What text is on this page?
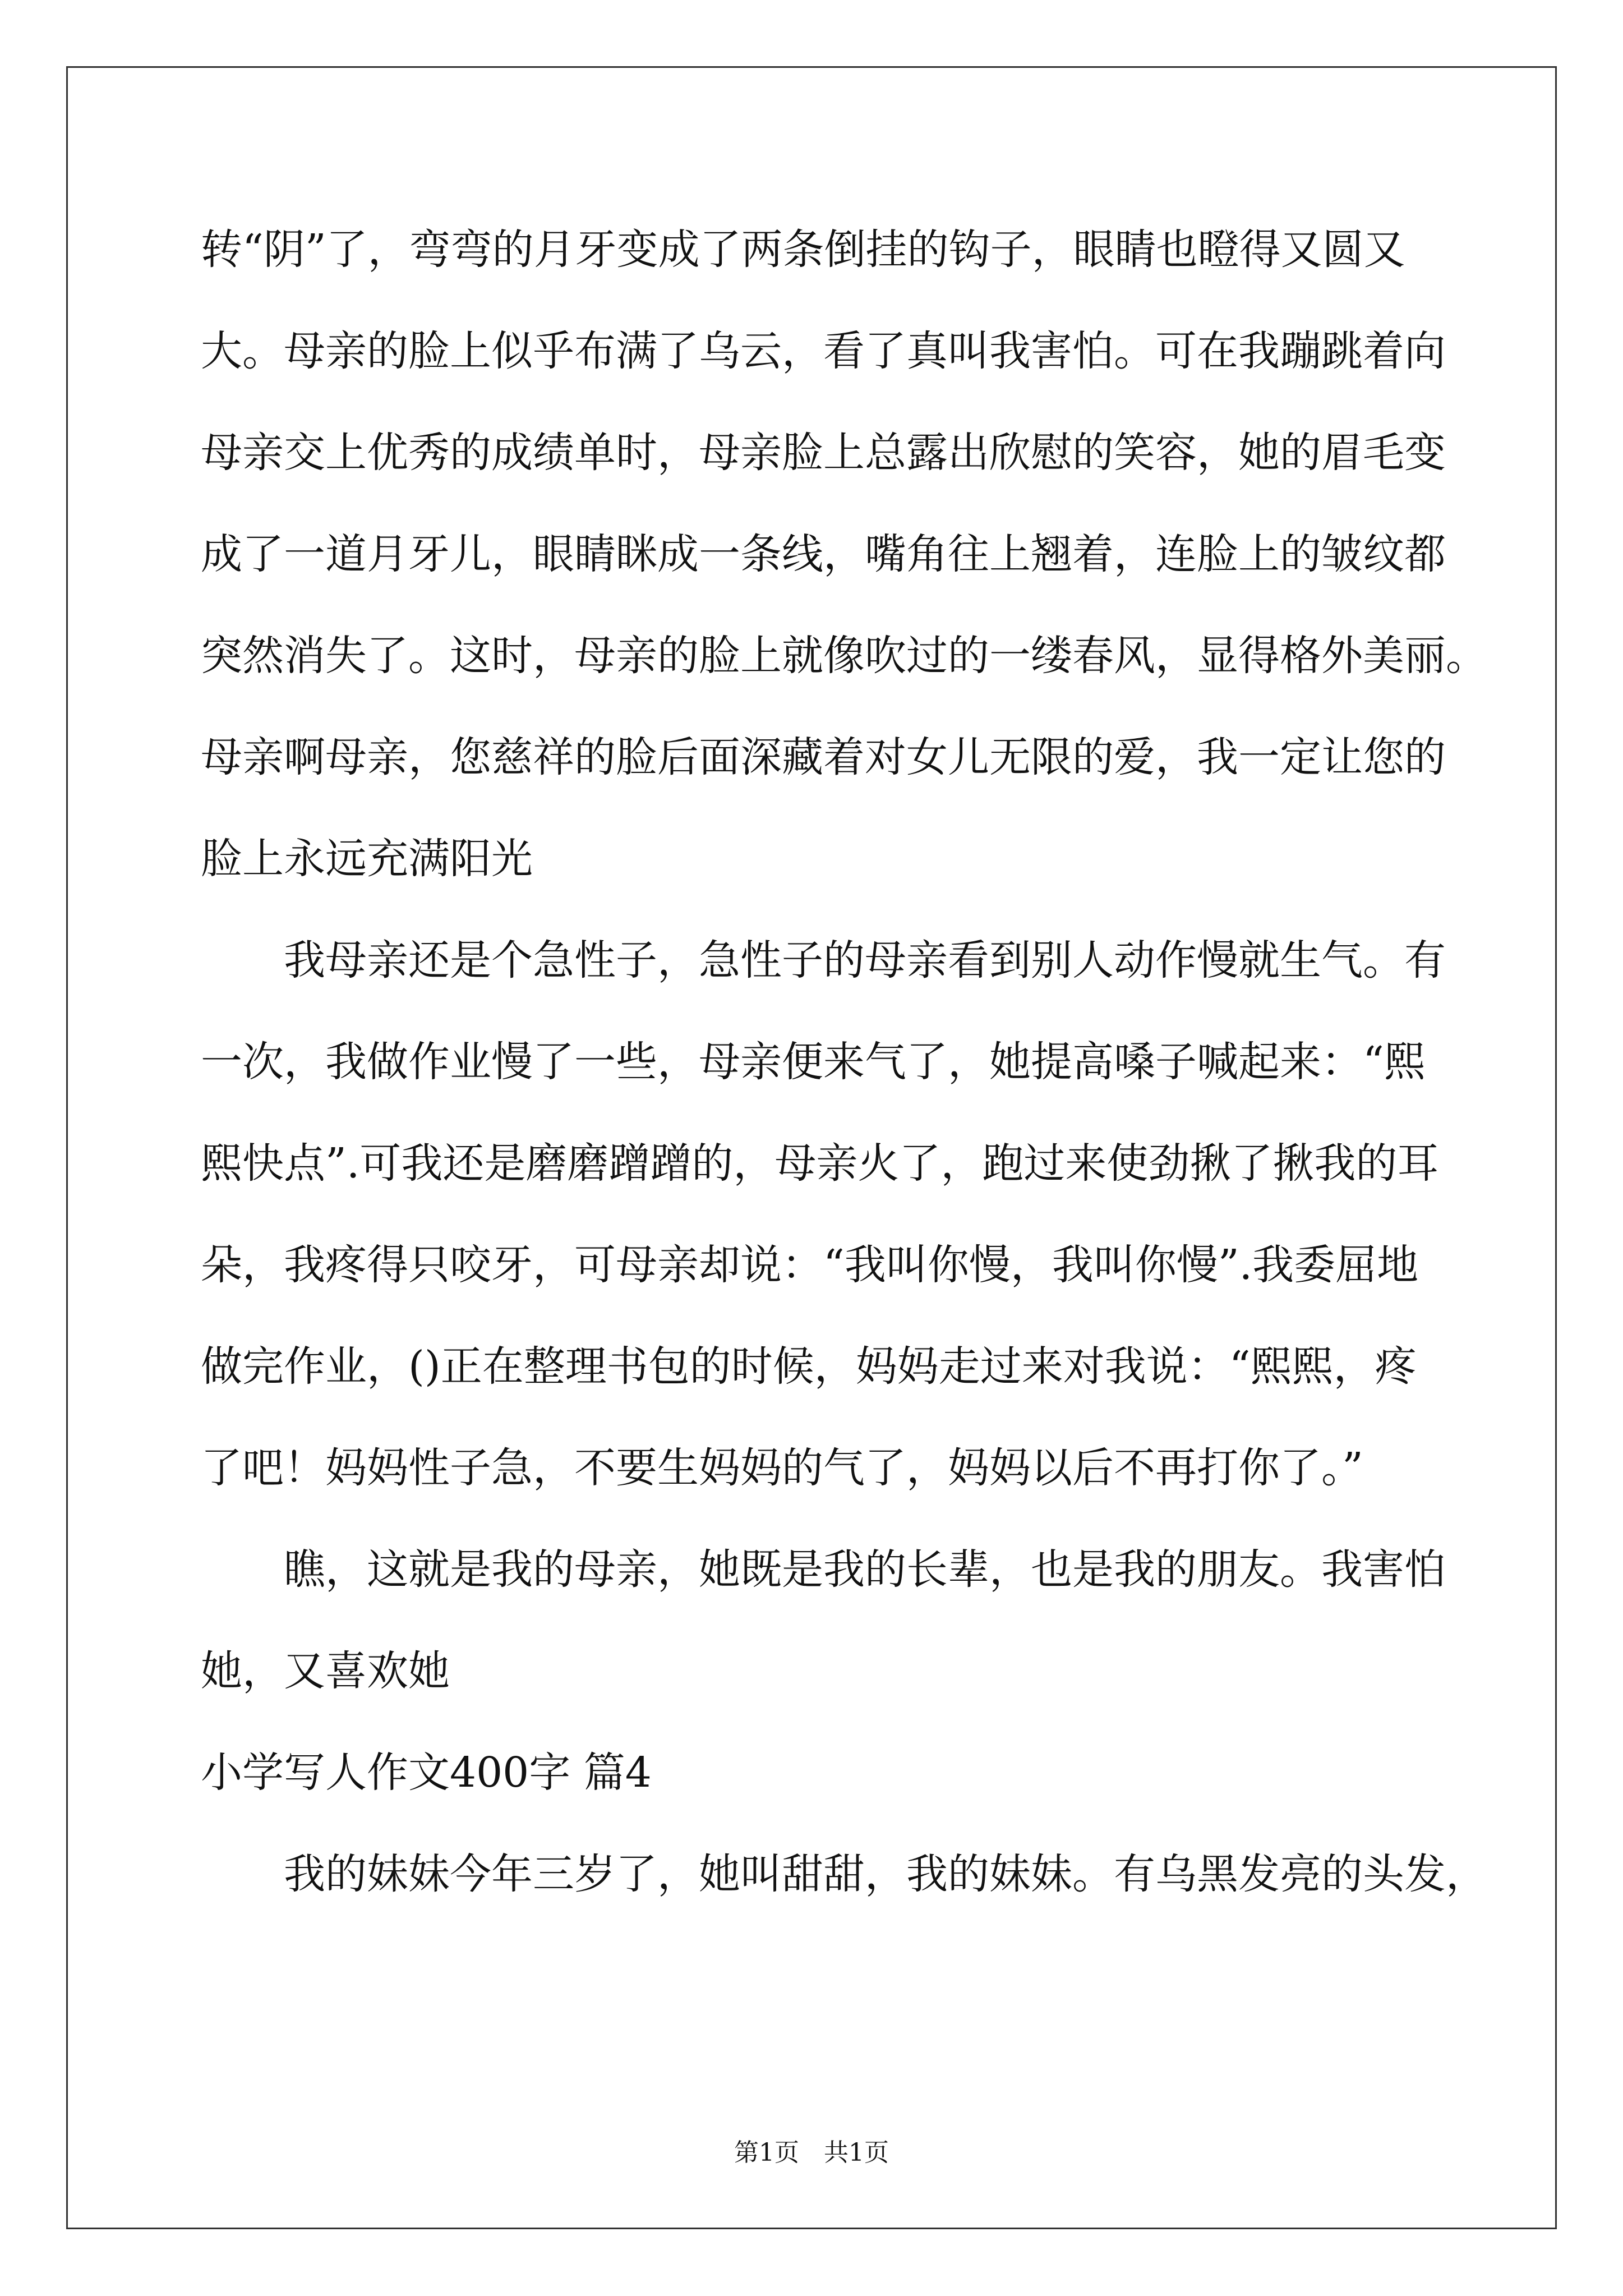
转“阴”了，弯弯的月牙变成了两条倒挂的钩子，眼睛也瞪得又圆又
大。母亲的脸上似乎布满了乌云，看了真叫我害怕。可在我蹦跳着向
母亲交上优秀的成绩单时，母亲脸上总露出欣慰的笑容，她的眉毛变
成了一道月牙儿，眼睛眯成一条线，嘴角往上翘着，连脸上的皱纹都
突然消失了。这时，母亲的脸上就像吹过的一缕春风，显得格外美丽。
母亲啊母亲，您慈祥的脸后面深藏着对女儿无限的爱，我一定让您的
脸上永远充满阳光
我母亲还是个急性子，急性子的母亲看到别人动作慢就生气。有
一次，我做作业慢了一些，母亲便来气了，她提高嗓子喊起来：“熙
熙快点”.可我还是磨磨蹭蹭的，母亲火了，跑过来使劲揪了揪我的耳
朵，我疼得只咬牙，可母亲却说：“我叫你慢，我叫你慢”.我委屈地
做完作业，()正在整理书包的时候，妈妈走过来对我说：“熙熙，疼
了吧！妈妈性子急，不要生妈妈的气了，妈妈以后不再打你了。”
瞧，这就是我的母亲，她既是我的长辈，也是我的朋友。我害怕
她，又喜欢她
小学写人作文400字 篇4
我的妹妹今年三岁了，她叫甜甜，我的妹妹。有乌黑发亮的头发，
第1页　共1页
